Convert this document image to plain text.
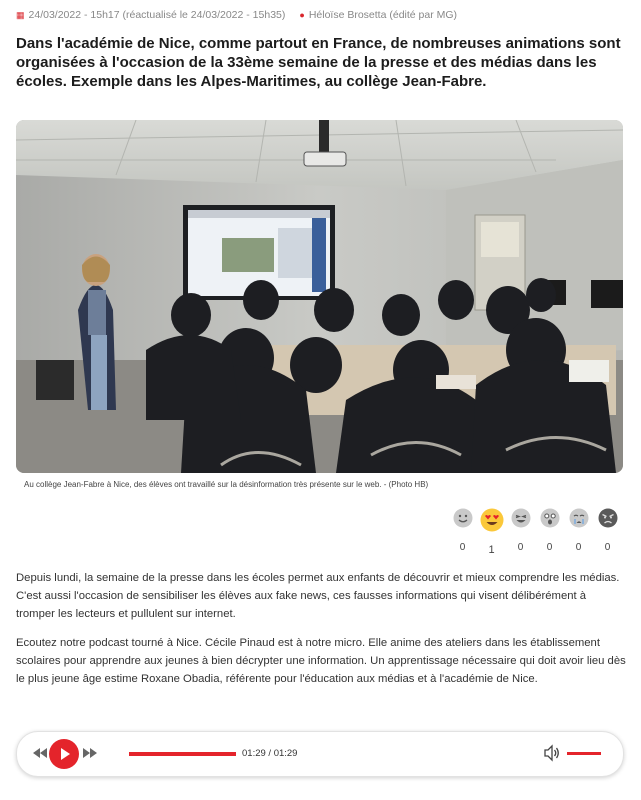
▦ 24/03/2022 - 15h17 (réactualisé le 24/03/2022 - 15h35) ● Héloïse Brosetta (édité par MG)

Dans l'académie de Nice, comme partout en France, de nombreuses animations sont organisées à l'occasion de la 33ème semaine de la presse et des médias dans les écoles. Exemple dans les Alpes-Maritimes, au collège Jean-Fabre.

Au collège Jean-Fabre à Nice, des élèves ont travaillé sur la désinformation très présente sur le web. - (Photo HB)
0 1 0 0 0 0

Depuis lundi, la semaine de la presse dans les écoles permet aux enfants de découvrir et mieux comprendre les médias. C'est aussi l'occasion de sensibiliser les élèves aux fake news, ces fausses informations qui visent délibérément à tromper les lecteurs et pullulent sur internet.

Ecoutez notre podcast tourné à Nice. Cécile Pinaud est à notre micro. Elle anime des ateliers dans les établissement scolaires pour apprendre aux jeunes à bien décrypter une information. Un apprentissage nécessaire qui doit avoir lieu dès le plus jeune âge estime Roxane Obadia, référente pour l'éducation aux médias et à l'académie de Nice.

01:29 / 01:29
